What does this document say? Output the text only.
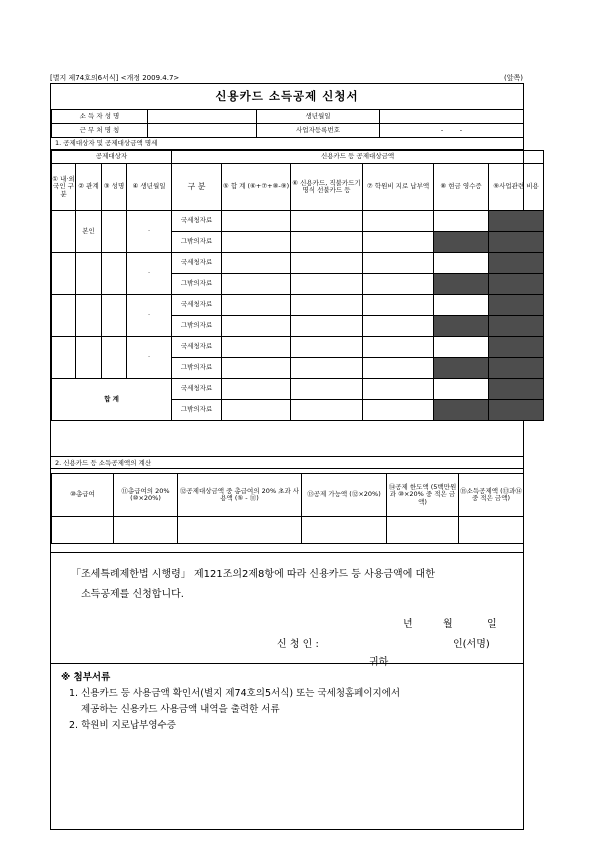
[별지 제74호의6서식] <개정 2009.4.7>	(앞쪽)
신용카드 소득공제 신청서
소 득 자 성 명		생년월일	
근 무 처 명 칭		사업자등록번호	-        -
1. 공제대상자 및 공제대상금액 명세
공제대상자				신용카드 등 공제대상금액					
① 내·외 국인 구분	② 관계	③ 성명	④ 생년월일	구 분	⑤ 합 계 (⑥+⑦+⑧-⑨)	⑥ 신용카드, 직불카드기명식 선불카드 등	⑦ 학원비 지로 납부액	⑧ 현금 영수증	⑨사업관련 비용
	본인		·	국세청자료					
				그밖의자료					
			·	국세청자료					
				그밖의자료					
			·	국세청자료					
				그밖의자료					
			·	국세청자료					
				그밖의자료					
합 계				국세청자료					
				그밖의자료					
2. 신용카드 등 소득공제액의 계산
⑩총급여	⑪총급여의 20% (⑩×20%)	⑫공제대상금액 중 총급여의 20% 초과 사용액 (⑤ - ⑪)	⑬공제 가능액 (⑫×20%)	⑭공제 한도액 (5백만원과 ⑩×20% 중 적은 금액)	⑮소득공제액 (⑬과⑭ 중 적은 금액)

「조세특례제한법 시행령」 제121조의2제8항에 따라 신용카드 등 사용금액에 대한

소득공제를 신청합니다.

년	월	일

신 청 인 :	인(서명)

귀하

※ 첨부서류
1. 신용카드 등 사용금액 확인서(별지 제74호의5서식) 또는 국세청홈페이지에서
제공하는 신용카드 사용금액 내역을 출력한 서류
2. 학원비 지로납부영수증
